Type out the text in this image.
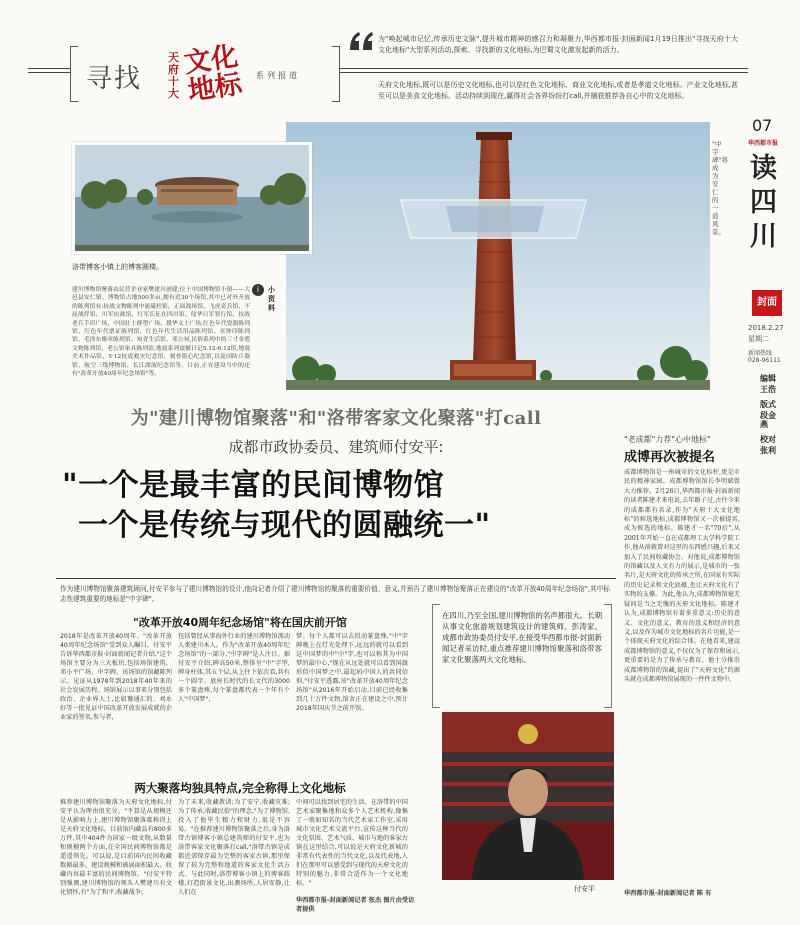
寻找
天府十大
文化地标	系列报道
为"唤起城市记忆,传承历史文脉",提升城市精神的感召力和凝聚力,华西都市报·封面新闻1月19日推出"寻找天府十大文化地标"大型系列活动,探索、寻找新的文化地标,为巴蜀文化激发起新的活力。
天府文化地标,既可以是历史文化地标,也可以是红色文化地标、商业文化地标,或者是孝道文化地标、产业文化地标,甚至可以是美食文化地标。活动持续到现在,赢得社会各界纷纷打call,并捕获推荐各自心中的文化地标。
07
华西都市报
读
四
川
封面
2018.2.27
星期二
新闻热线
028-96111
编辑
王浩
版式
段金燕
校对
张利
"中字碑"将成为安仁的一道风景。
洛带博客小镇上的博客圆楼。
i	小资料
建川博物馆聚落由民营企业家樊建川创建,位于中国博物馆小镇——大邑县安仁镇。博物馆占地500多亩,拥有近30个场馆,其中已对外开放的陈列馆有:抗战文物陈列中流砥柱馆、正面战场馆、飞虎奇兵馆、不屈战俘馆、川军抗战馆、红军长征在四川馆、侵华日军罪行馆、抗战老兵手印广场、中国壮士群塑广场、援华义士广场,红色年代瓷器陈列馆、红色年代票证陈列馆、红色年代生活用品陈列馆、章钟印陈列馆、毛泽东像章陈列馆、知青生活馆、邓公祠,民俗系列中的三寸金莲文物陈列馆、老公馆家具陈列馆,地震系列震撼日记5.12-6.12馆,地震美术作品馆、5·12抗震救灾纪念馆、刻骨铭心纪念馆,以及国防兵器馆、航空三线博物馆、长江漂流纪念馆等。目前,正在建设当中的还有"改革开放40周年纪念场馆"等。
为"建川博物馆聚落"和"洛带客家文化聚落"打call
成都市政协委员、建筑师付安平:
"一个是最丰富的民间博物馆
一个是传统与现代的圆融统一"
作为建川博物馆聚落建筑顾问,付安平参与了建川博物馆的设计,他向记者介绍了建川博物馆的聚落的重要价值、意义,并预告了建川博物馆聚落正在建设的"改革开放40周年纪念场馆",其中标志性建筑重要的地标是"中字碑"。
"改革开放40周年纪念场馆"将在国庆前开馆
2018年是改革开放40周年。"改革开放40周年纪念场馆"受到众人瞩目。付安平告诉华西都市报·封面新闻记者介绍,"这个场馆主要分为三大板块,包括场馆建筑、邓小平广场、中字碑。该场馆的馆藏陈列示、见证从1978年到2018年40年来的社会发展历程。场馆展示以事来分别包括政治、企业界人士,比如豫通汇的、刘永好等一批见证中国改革开放发展成就的企业家的签名,参与者,
包括曾经从事海外行业的建川博物馆流动人类建川本人。作为"改革开放40周年纪念场馆"的一部分,"中字碑"是人注目。据付安平介绍,碑高50米,整体呈"中"字型,碑身柱体,其五个层,从上往下依次看,共有一个圆字。底座长时代的长文代的3000多个篆盘殊,每个篆盘都代表一个年有个人"中国梦",
梦。每个人都可以去投动篆盘殊,"中"字碑晚上在灯光处理下,远远的就可以看到这中国梦的中"中"字,也可以称其为中国梦的最中心,"现在从远处就可以看到国旗形似中国梦之中,最起码中国人的共同信仰,"付安平透露,该"改革开放40周年纪念场馆"从2016年开始启动,目前已经收集到几十万件文物,馆舍正在建设之中,预计2018年国庆节之前开馆。
在四川,乃至全国,建川博物馆的名声都很大。长期从事文化旅游规划建筑设计的建筑师、彭涛家、成都市政协委员付安平,在接受华西都市报·封面新闻记者采访时,重点推荐建川博物馆聚落和洛带客家文化聚落两大文化地标。
付安平
两大聚落均独具特点,完全称得上文化地标
推荐建川博物馆聚落为天府文化地标,付安平认为理由很充分。"不算是从规模还是从影响力上,建川博物馆聚落都称得上是天府文化地标。目前馆内藏品有800多万件,其中404件为国家一级文物,从数量和规模两个方面,在全国民间博物馆都是遥遥领先。可以说,是目前国内民间收藏数据最多、建设规模和被展面积最大、收藏内容最丰富的民间博物馆。"付安平特别强调,建川博物馆的领头人樊建川有文化情怀,有"为了和平,收藏战争;
为了未来,收藏教训;为了安宁,收藏灾难;为了传承,收藏民俗"的理念,"为了博物馆,投入了他毕生精力和财力,很是不容易。"在推荐建川博物馆聚落之后,身为洛带古镇博客小镇总建筑师的付安平,也为洛带客家文化聚落打call,"洛带古镇是成都近郊保存最为完整的客家古镇,那里保留了较为完整和地道的客家文化生活方式。与此同时,洛带博客小镇上的博客圆楼,打造街景文化,出测场所,人居安静,让人们在
中间可以找到居宅的生活。在洛带的中国艺术家聚集地和众多个人艺术机构,像集了一般如知名的当代艺术家工作室,采用城市文化艺术交流平台,宣传这种当代的文化氛围、艺术气质、城市与地的客家古镇在这里结合,可以说是天府文化新城的非常有代表性的当代文化,以及代表地,人们在那里可以感受到与现代的天府文化的特别的魅力,非常合适作为一个文化地标。"
华西都市报-封面新闻记者 张杰 图片由受访者提供
"老成都"力荐"心中地标"
成博再次被提名
成都博物馆是一座城市的文化标杆,更是市民的精神家园。成都博物馆馆长李明斌曾大力推荐。2月26日,华西都市报·封面新闻的读者陈建才来电说,去年路子过,古往今来的成都都有名录,作为"天府十大文化地标"的候选地标,成都博物馆又一次被提名,成为候选的地标。陈建才一名"70后",从2001年开始一直在成都理工大学科学院工作,他从前就曾对这里的东西感兴趣,后来又加入了民间收藏协会。对他说,成都博物馆的馆藏以及人文有力的展示,是城市的一张名片,是天府文化的传承之所,在国家有实际的历史记录和文化底蕴,也让天府文化有了实物的支撑。为此,他认为,成都博物馆毫无疑问是当之无愧的天府文化地标。陈建才认为,成都博物馆有着多重意义:历史的意义、文化的意义、教育的意义和经济的意义,以及作为城市文化地标的名片功能,是一个体现天府文化的综合体。在他看来,建设成都博物馆的意义,不仅仅为了保存和展示,更重要的是为了传承与教育。他十分推崇成都博物馆的馆藏,提出了"天府文化"的源头就在成都博物馆展现的一件件文物中。
华西都市报-封面新闻记者 陈 有
